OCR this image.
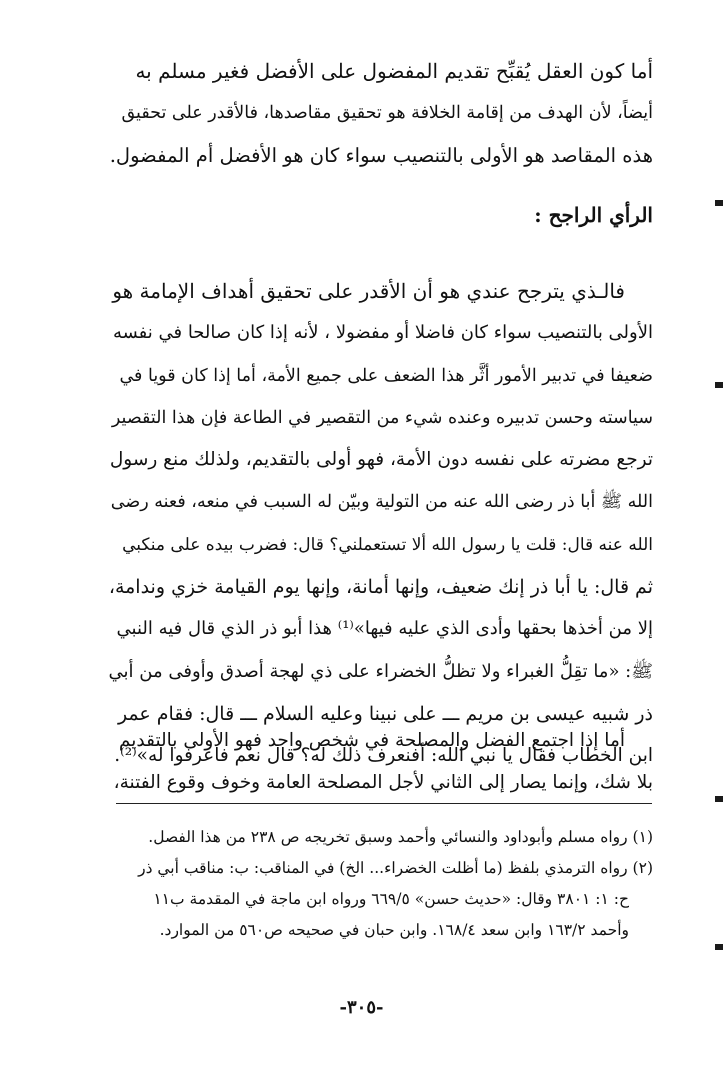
أما كون العقل يُقبِّح تقديم المفضول على الأفضل فغير مسلم به
أيضاً، لأن الهدف من إقامة الخلافة هو تحقيق مقاصدها، فالأقدر على تحقيق
هذه المقاصد هو الأولى بالتنصيب سواء كان هو الأفضل أم المفضول.
الرأي الراجح :
فالـذي يترجح عندي هو أن الأقدر على تحقيق أهداف الإمامة هو
الأولى بالتنصيب سواء كان فاضلا أو مفضولا ، لأنه إذا كان صالحا في نفسه
ضعيفا في تدبير الأمور أثَّر هذا الضعف على جميع الأمة، أما إذا كان قويا في
سياسته وحسن تدبيره وعنده شيء من التقصير في الطاعة فإن هذا التقصير
ترجع مضرته على نفسه دون الأمة، فهو أولى بالتقديم، ولذلك منع رسول
الله ﷺ أبا ذر رضى الله عنه من التولية وبيّن له السبب في منعه، فعنه رضى
الله عنه قال: قلت يا رسول الله ألا تستعملني؟ قال: فضرب بيده على منكبي
ثم قال: يا أبا ذر إنك ضعيف، وإنها أمانة، وإنها يوم القيامة خزي وندامة،
إلا من أخذها بحقها وأدى الذي عليه فيها»⁽¹⁾ هذا أبو ذر الذي قال فيه النبي
ﷺ: «ما تقِلُّ الغبراء ولا تظلُّ الخضراء على ذي لهجة أصدق وأوفى من أبي
ذر شبيه عيسى بن مريم ـــ على نبينا وعليه السلام ـــ قال: فقام عمر
ابن الخطاب فقال يا نبي الله: أفنعرف ذلك له؟ قال نعم فاعرفوا له»⁽²⁾.
أما إذا اجتمع الفضل والمصلحة في شخص واحد فهو الأولى بالتقديم
بلا شك، وإنما يصار إلى الثاني لأجل المصلحة العامة وخوف وقوع الفتنة،
(١) رواه مسلم وأبوداود والنسائي وأحمد وسبق تخريجه ص ٢٣٨ من هذا الفصل.
(٢) رواه الترمذي بلفظ (ما أظلت الخضراء... الخ) في المناقب: ب: مناقب أبي ذر
ح: ١: ٣٨٠١ وقال: «حديث حسن» ٦٦٩/٥ ورواه ابن ماجة في المقدمة ب١١
وأحمد ١٦٣/٢ وابن سعد ١٦٨/٤. وابن حبان في صحيحه ص٥٦٠ من الموارد.
-٣٠٥-
